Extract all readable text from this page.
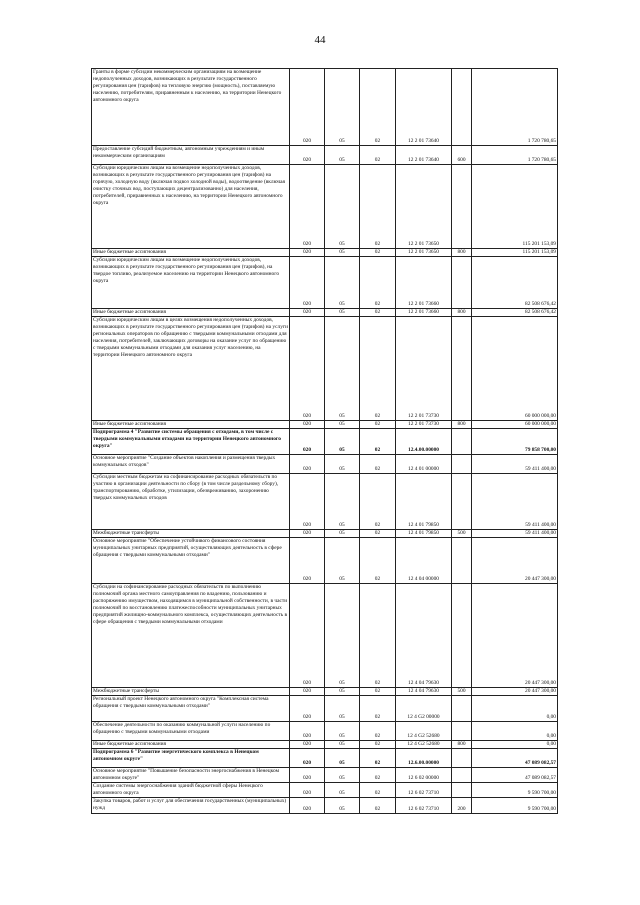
44
Гранты в форме субсидии некоммерческим организациям на возмещение недополученных доходов, возникающих в результате государственного регулирования цен (тарифов) на тепловую энергию (мощность), поставляемую населению, потребителям, приравненным к населению, на территории Ненецкого автономного округа	020	05	02	12 2 01 73640		1 720 780,65
Предоставление субсидий бюджетным, автономным учреждениям и иным некоммерческим организациям	020	05	02	12 2 01 73640	600	1 720 780,65
Субсидии юридическим лицам на возмещение недополученных доходов, возникающих в результате государственного регулирования цен (тарифов) на горячую, холодную воду (включая подвоз холодной воды), водоотведение (включая очистку сточных вод, поступающих децентрализованно) для населения, потребителей, приравненных к населению, на территории Ненецкого автономного округа	020	05	02	12 2 01 73650		115 201 153,09
Иные бюджетные ассигнования	020	05	02	12 2 01 73650	800	115 201 153,09
Субсидии юридическим лицам на возмещение недополученных доходов, возникающих в результате государственного регулирования цен (тарифов), на твердое топливо, реализуемое населению на территории Ненецкого автономного округа	020	05	02	12 2 01 73660		82 508 676,42
Иные бюджетные ассигнования	020	05	02	12 2 01 73660	800	82 508 676,42
Субсидии юридическим лицам в целях возмещения недополученных доходов, возникающих в результате государственного регулирования цен (тарифов) на услуги региональных операторов по обращению с твердыми коммунальными отходами для населения, потребителей, заключающих договоры на оказание услуг по обращению с твердыми коммунальными отходами для оказания услуг населению, на территории Ненецкого автономного округа	020	05	02	12 2 01 73730		60 000 000,00
Иные бюджетные ассигнования	020	05	02	12 2 01 73730	800	60 000 000,00
Подпрограмма 4 "Развитие системы обращения с отходами, в том числе с твердыми коммунальными отходами на территории Ненецкого автономного округа"	020	05	02	12.4.00.00000		79 858 700,00
Основное мероприятие "Создание объектов накопления и размещения твердых коммунальных отходов"	020	05	02	12 4 01 00000		59 411 400,00
Субсидии местным бюджетам на софинансирование расходных обязательств по участию в организации деятельности по сбору (в том числе раздельному сбору), транспортированию, обработке, утилизации, обезвреживанию, захоронению твердых коммунальных отходов	020	05	02	12 4 01 79850		59 411 400,00
Межбюджетные трансферты	020	05	02	12 4 01 79850	500	59 411 400,00
Основное мероприятие "Обеспечение устойчивого финансового состояния муниципальных унитарных предприятий, осуществляющих деятельность в сфере обращения с твердыми коммунальными отходами"	020	05	02	12 4 04 00000		20 447 300,00
Субсидии на софинансирование расходных обязательств по выполнению полномочий органа местного самоуправления по владению, пользованию и распоряжению имуществом, находящимся в муниципальной собственности, в части полномочий по восстановлению платежеспособности муниципальных унитарных предприятий жилищно-коммунального комплекса, осуществляющих деятельность в сфере обращения с твердыми коммунальными отходами	020	05	02	12 4 04 79630		20 447 300,00
Межбюджетные трансферты	020	05	02	12 4 04 79630	500	20 447 300,00
Региональный проект Ненецкого автономного округа "Комплексная система обращения с твердыми коммунальными отходами"	020	05	02	12 4 G2 00000		0,00
Обеспечение деятельности по оказанию коммунальной услуги населению по обращению с твердыми коммунальными отходами	020	05	02	12 4 G2 52680		0,00
Иные бюджетные ассигнования	020	05	02	12 4 G2 52680	800	0,00
Подпрограмма 6 "Развитие энергетического комплекса в Ненецком автономном округе"	020	05	02	12.6.00.00000		47 089 082,57
Основное мероприятие "Повышение безопасности энергоснабжения в Ненецком автономном округе"	020	05	02	12 6 02 00000		47 089 082,57
Создание системы энергоснабжения зданий бюджетной сферы Ненецкого автономного округа	020	05	02	12 6 02 73710		9 590 700,00
Закупка товаров, работ и услуг для обеспечения государственных (муниципальных) нужд	020	05	02	12 6 02 73710	200	9 590 700,00
